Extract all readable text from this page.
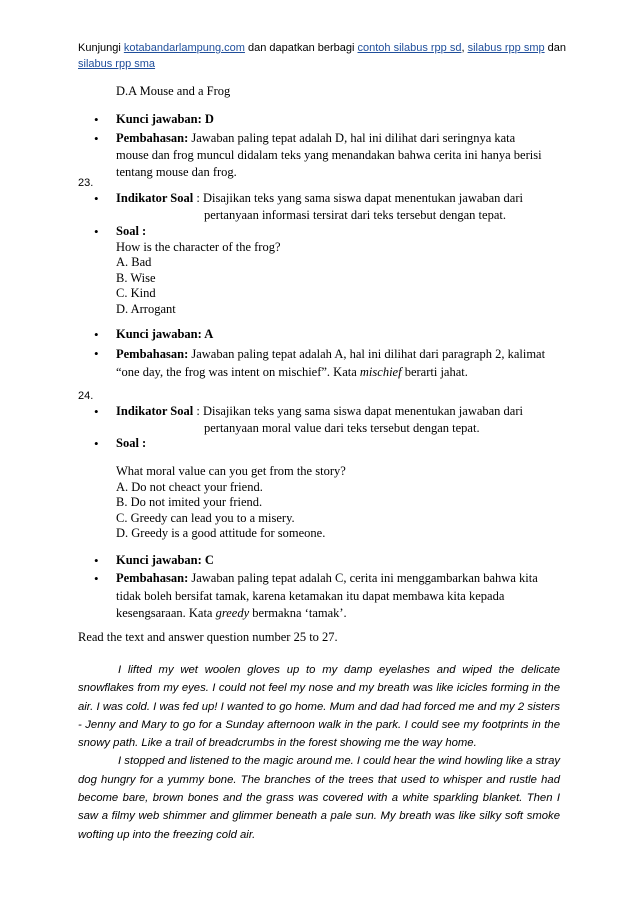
Kunjungi kotabandarlampung.com dan dapatkan berbagi contoh silabus rpp sd, silabus rpp smp dan
silabus rpp sma
D.A Mouse and a Frog
• Kunci jawaban: D
• Pembahasan: Jawaban paling tepat adalah D, hal ini dilihat dari seringnya kata
mouse dan frog muncul didalam teks yang menandakan bahwa cerita ini hanya berisi
tentang mouse dan frog.
23.
• Indikator Soal : Disajikan teks yang sama siswa dapat menentukan jawaban dari
pertanyaan informasi tersirat dari teks tersebut dengan tepat.
• Soal :
How is the character of the frog?
A. Bad
B. Wise
C. Kind
D. Arrogant
• Kunci jawaban: A
• Pembahasan: Jawaban paling tepat adalah A, hal ini dilihat dari paragraph 2, kalimat
“one day, the frog was intent on mischief”. Kata mischief berarti jahat.
24.
• Indikator Soal : Disajikan teks yang sama siswa dapat menentukan jawaban dari
pertanyaan moral value dari teks tersebut dengan tepat.
• Soal :
What moral value can you get from the story?
A. Do not cheact your friend.
B. Do not imited your friend.
C. Greedy can lead you to a misery.
D. Greedy is a good attitude for someone.
• Kunci jawaban: C
• Pembahasan: Jawaban paling tepat adalah C, cerita ini menggambarkan bahwa kita
tidak boleh bersifat tamak, karena ketamakan itu dapat membawa kita kepada
kesengsaraan. Kata greedy bermakna ‘tamak’.
Read the text and answer question number 25 to 27.

I lifted my wet woolen gloves up to my damp eyelashes and wiped the delicate snowflakes from my eyes. I could not feel my nose and my breath was like icicles forming in the air. I was cold. I was fed up! I wanted to go home. Mum and dad had forced me and my 2 sisters - Jenny and Mary to go for a Sunday afternoon walk in the park. I could see my footprints in the snowy path. Like a trail of breadcrumbs in the forest showing me the way home.

I stopped and listened to the magic around me. I could hear the wind howling like a stray dog hungry for a yummy bone. The branches of the trees that used to whisper and rustle had become bare, brown bones and the grass was covered with a white sparkling blanket. Then I saw a filmy web shimmer and glimmer beneath a pale sun. My breath was like silky soft smoke wofting up into the freezing cold air.
